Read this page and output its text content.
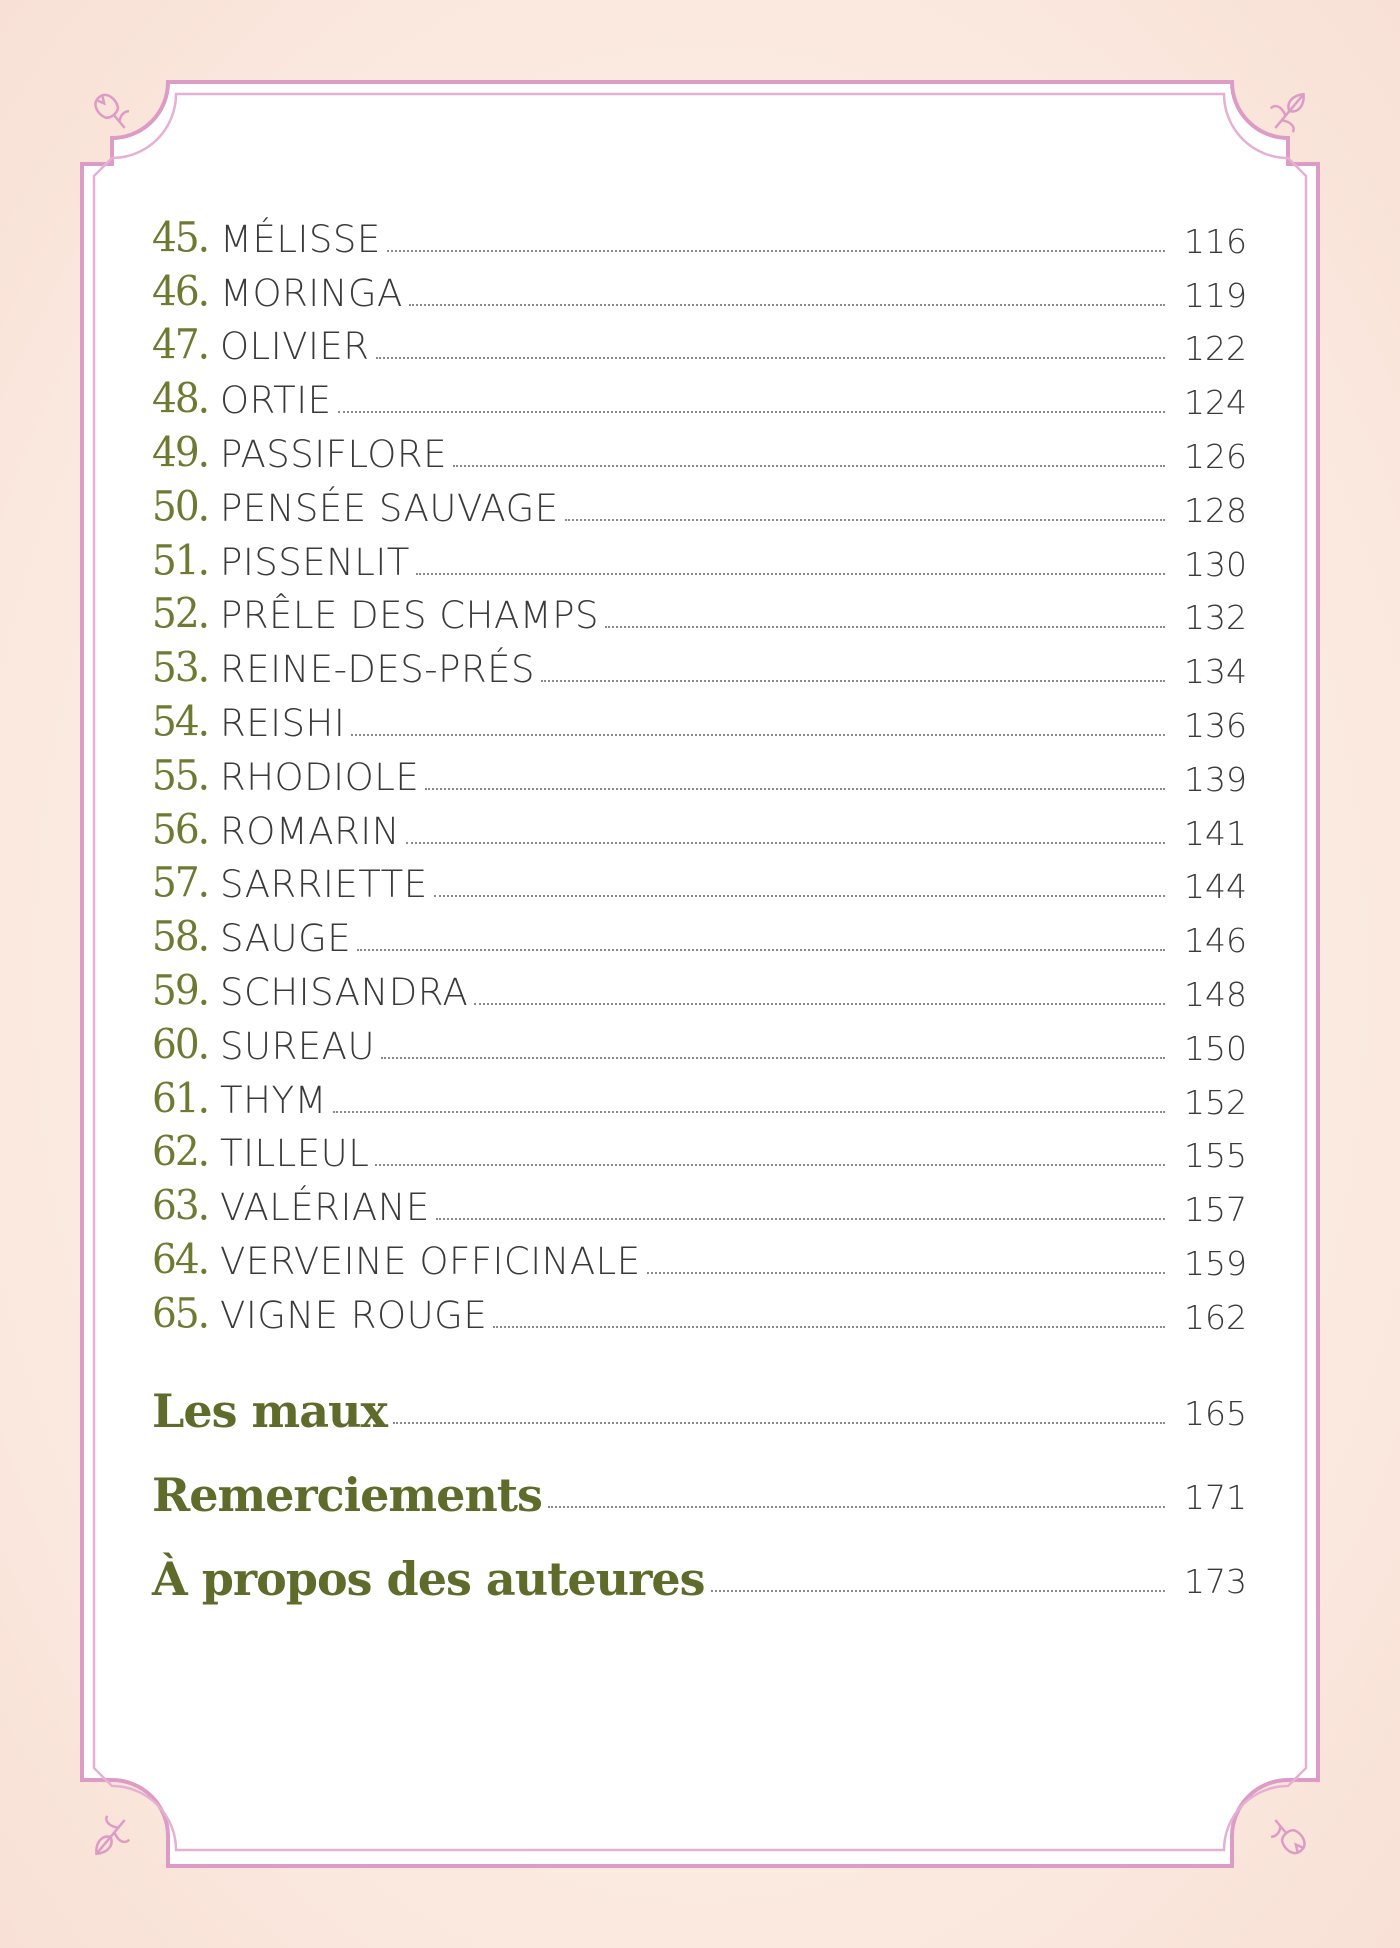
45. MÉLISSE	116
46. MORINGA	119
47. OLIVIER	122
48. ORTIE	124
49. PASSIFLORE	126
50. PENSÉE SAUVAGE	128
51. PISSENLIT	130
52. PRÊLE DES CHAMPS	132
53. REINE-DES-PRÉS	134
54. REISHI	136
55. RHODIOLE	139
56. ROMARIN	141
57. SARRIETTE	144
58. SAUGE	146
59. SCHISANDRA	148
60. SUREAU	150
61. THYM	152
62. TILLEUL	155
63. VALÉRIANE	157
64. VERVEINE OFFICINALE	159
65. VIGNE ROUGE	162
Les maux	165
Remerciements	171
À propos des auteures	173
